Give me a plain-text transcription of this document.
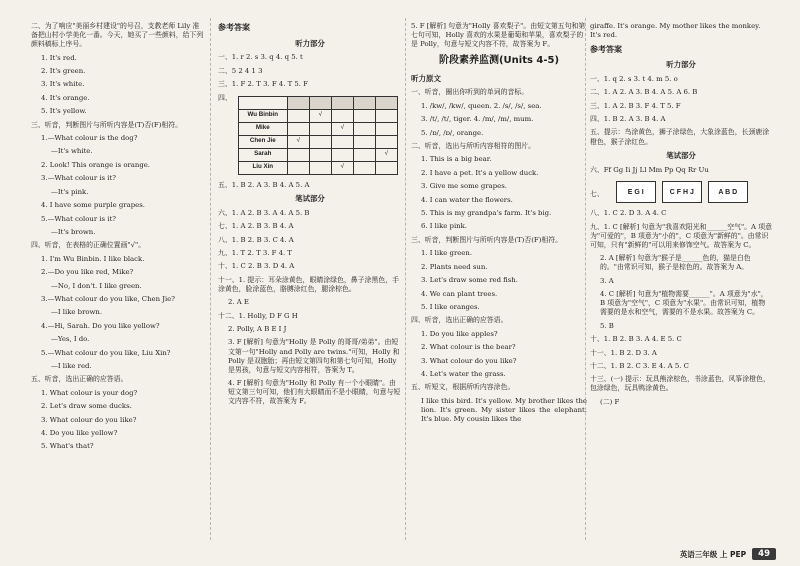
二、为了响应"美丽乡村建设"的号召，支教老师 Lily 准备把山村小学美化一番。今天，她买了一些颜料，给下列颜料稿标上序号。

1. It's red.

2. It's green.

3. It's white.

4. It's orange.

5. It's yellow.

三、听音，判断图片与所听内容是(T)否(F)相符。

1.—What colour is the dog?

—It's white.

2. Look! This orange is orange.

3.—What colour is it?

—It's pink.

4. I have some purple grapes.

5.—What colour is it?

—It's brown.

四、听音，在表格的正确位置画"√"。

1. I'm Wu Binbin. I like black.

2.—Do you like red, Mike?

—No, I don't. I like green.

3.—What colour do you like, Chen Jie?

—I like brown.

4.—Hi, Sarah. Do you like yellow?

—Yes, I do.

5.—What colour do you like, Liu Xin?

—I like red.

五、听音，选出正确的应答语。

1. What colour is your dog?

2. Let's draw some ducks.

3. What colour do you like?

4. Do you like yellow?

5. What's that?

参考答案
听力部分

一、1. r 2. s 3. q 4. q 5. t

二、5 2 4 1 3

三、1. F 2. T 3. F 4. T 5. F

四、

Wu Binbin		√			
Mike			√		
Chen Jie	√				
Sarah					√
Liu Xin			√		

五、1. B 2. A 3. B 4. A 5. A

笔试部分

六、1. A 2. B 3. A 4. A 5. B

七、1. A 2. B 3. B 4. A

八、1. B 2. B 3. C 4. A

九、1. T 2. T 3. F 4. T

十、1. C 2. B 3. D 4. A

十一、1. 提示：耳朵涂黄色，眼睛涂绿色，鼻子涂黑色，手涂黄色，脸涂蓝色，胳膊涂红色，腿涂棕色。

2. A E

十二、1. Holly, D F G H

2. Polly, A B E I J

3. F [解析] 句意为"Holly 是 Polly 的哥哥/弟弟"。由短文第一句"Holly and Polly are twins."可知，Holly 和 Polly 是双胞胎；再由短文第四句和第七句可知，Holly 是男孩，句意与短文内容相符，答案为 T。

4. F [解析] 句意为"Holly 和 Polly 有一个小眼睛"。由短文第三句可知，他们有大眼睛而不是小眼睛，句意与短文内容不符，故答案为 F。

5. F [解析] 句意为"Holly 喜欢梨子"。由短文第五句和第七句可知，Holly 喜欢的水果是葡萄和苹果，喜欢梨子的是 Polly，句意与短文内容不符，故答案为 F。

阶段素养监测(Units 4-5)
听力原文

一、听音，圈出你听到的单词的音标。

1. /kw/, /kw/, queen. 2. /s/, /s/, sea.

3. /t/, /t/, tiger. 4. /m/, /m/, mum.

5. /ɒ/, /ɒ/, orange.

二、听音，选出与所听内容相符的图片。

1. This is a big bear.

2. I have a pet. It's a yellow duck.

3. Give me some grapes.

4. I can water the flowers.

5. This is my grandpa's farm. It's big.

6. I like pink.

三、听音，判断图片与所听内容是(T)否(F)相符。

1. I like green.

2. Plants need sun.

3. Let's draw some red fish.

4. We can plant trees.

5. I like oranges.

四、听音，选出正确的应答语。

1. Do you like apples?

2. What colour is the bear?

3. What colour do you like?

4. Let's water the grass.

五、听短文，根据所听内容涂色。

I like this bird. It's yellow. My brother likes the lion. It's green. My sister likes the elephant. It's blue. My cousin likes the

giraffe. It's orange. My mother likes the monkey. It's red.

参考答案
听力部分

一、1. q 2. s 3. t 4. m 5. o

二、1. A 2. A 3. B 4. A 5. A 6. B

三、1. A 2. B 3. F 4. T 5. F

四、1. B 2. A 3. B 4. A

五、提示：鸟涂黄色，狮子涂绿色，大象涂蓝色，长颈鹿涂橙色，猴子涂红色。

笔试部分

六、Ff Gg Ii Jj Ll Mm Pp Qq Rr Uu

七、	E G I	C F H J	A B D

八、1. C 2. D 3. A 4. C

九、1. C [解析] 句意为"我喜欢阳光和______空气"。A 项意为"可爱的"，B 项意为"小的"，C 项意为"新鲜的"。由常识可知，只有"新鲜的"可以用来修饰空气。故答案为 C。

2. A [解析] 句意为"猴子是______色的，猫是白色的。"由常识可知，猴子是棕色的。故答案为 A。

3. A

4. C [解析] 句意为"植物需要______"。A 项意为"水"，B 项意为"空气"，C 项意为"水果"。由常识可知，植物需要的是水和空气，需要的不是水果。故答案为 C。

5. B

十、1. B 2. B 3. A 4. E 5. C

十一、1. B 2. D 3. A

十二、1. B 2. C 3. E 4. A 5. C

十三、(一) 提示：玩具熊涂棕色，书涂蓝色，风筝涂橙色，包涂绿色，玩具鸭涂黄色。

(二) F

英语三年级 上 PEP	49
